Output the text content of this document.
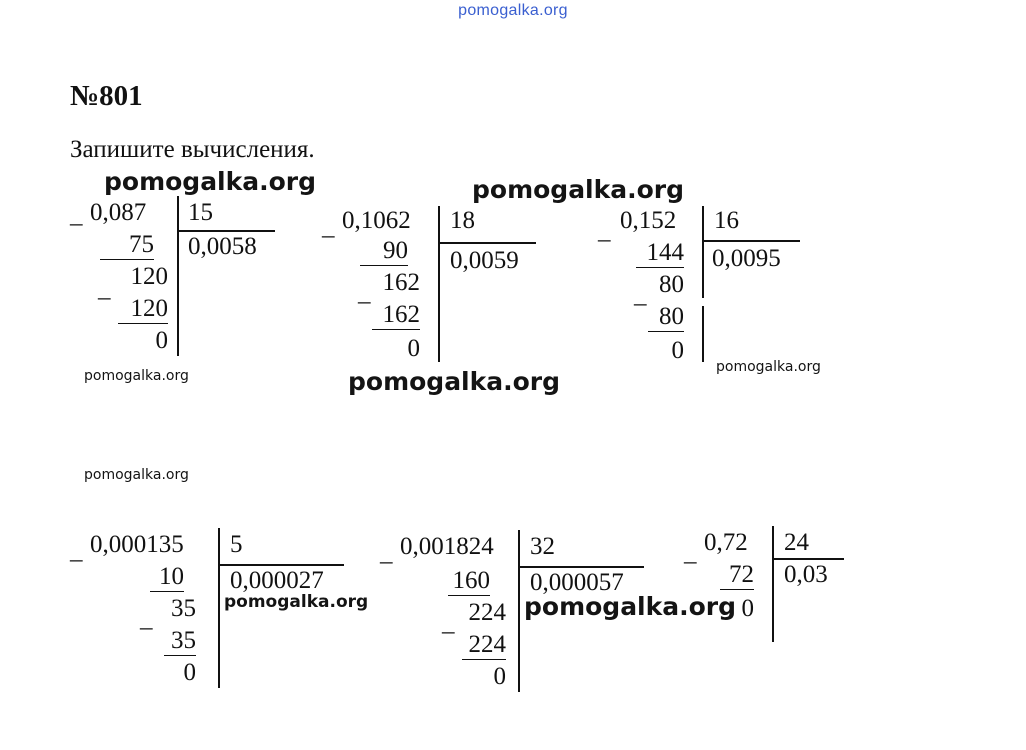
pomogalka.org
№801
Запишите вычисления.
_ 0,087 15
0,0058
75
_ 120
120
0
_ 0,1062 18
0,0059
90
_ 162
162
0
_ 0,152 16
0,0095
144
_ 80
80
0
_ 0,000135 5
0,000027
10
_ 35
35
0
_ 0,001824 32
0,000057
160
_ 224
224
0
_ 0,72 24
0,03
72
0
pomogalka.org	pomogalka.org
pomogalka.org
pomogalka.org
pomogalka.org
pomogalka.org
pomogalka.org
pomogalka.org
